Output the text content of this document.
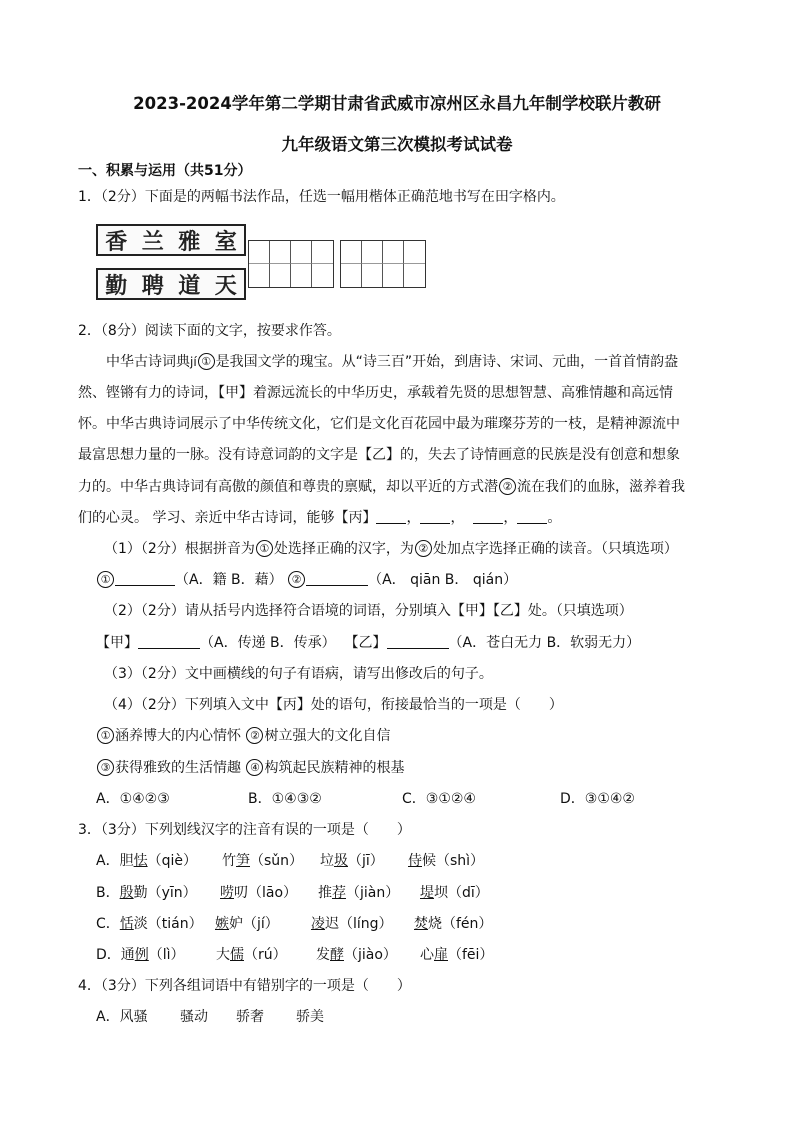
2023-2024学年第二学期甘肃省武威市凉州区永昌九年制学校联片教研
九年级语文第三次模拟考试试卷
一、积累与运用（共51分）
1．（2分）下面是的两幅书法作品，任选一幅用楷体正确范地书写在田字格内。
香 兰 雅 室
勤 聘 道 天
2．（8分）阅读下面的文字，按要求作答。
中华古诗词典jí ① 是我国文学的瑰宝。从“诗三百”开始，到唐诗、宋词、元曲，一首首情韵盎
然、铿锵有力的诗词，【甲】着源远流长的中华历史，承载着先贤的思想智慧、高雅情趣和高远情
怀。中华古典诗词展示了中华传统文化，它们是文化百花园中最为璀璨芬芳的一枝，是精神源流中
最富思想力量的一脉。没有诗意词韵的文字是【乙】的，失去了诗情画意的民族是没有创意和想象
力的。中华古典诗词有高傲的颜值和尊贵的禀赋，却以平近的方式潜 ② 流在我们的血脉，滋养着我
们的心灵。 学习、亲近中华古诗词，能够【丙】 ， ，	， 。
（1）（2分）根据拼音为 ① 处选择正确的汉字，为 ② 处加点字选择正确的读音。（只填选项）
①	（A．籍 B．藉） ②	（A． qiān B． qián）
（2）（2分）请从括号内选择符合语境的词语，分别填入【甲】【乙】处。（只填选项）
【甲】	（A．传递 B．传承） 【乙】	（A．苍白无力 B．软弱无力）
（3）（2分）文中画横线的句子有语病，请写出修改后的句子。
（4）（2分）下列填入文中【丙】处的语句，衔接最恰当的一项是（　　）
① 涵养博大的内心情怀 ② 树立强大的文化自信
③ 获得雅致的生活情趣 ④ 构筑起民族精神的根基
A．①④②③	B．①④③②	C．③①②④	D．③①④②
3．（3分）下列划线汉字的注音有误的一项是（　　）
A．胆怯（qiè） 竹笋（sǔn） 垃圾（jī） 侍候（shì）
B．殷勤（yīn） 唠叨（lāo） 推荐（jiàn） 堤坝（dī）
C．恬淡（tián） 嫉妒（jí） 凌迟（líng） 焚烧（fén）
D．通例（lì） 大儒（rú） 发酵（jiào） 心扉（fēi）
4．（3分）下列各组词语中有错别字的一项是（　　）
A．风骚 骚动 骄奢 骄美
